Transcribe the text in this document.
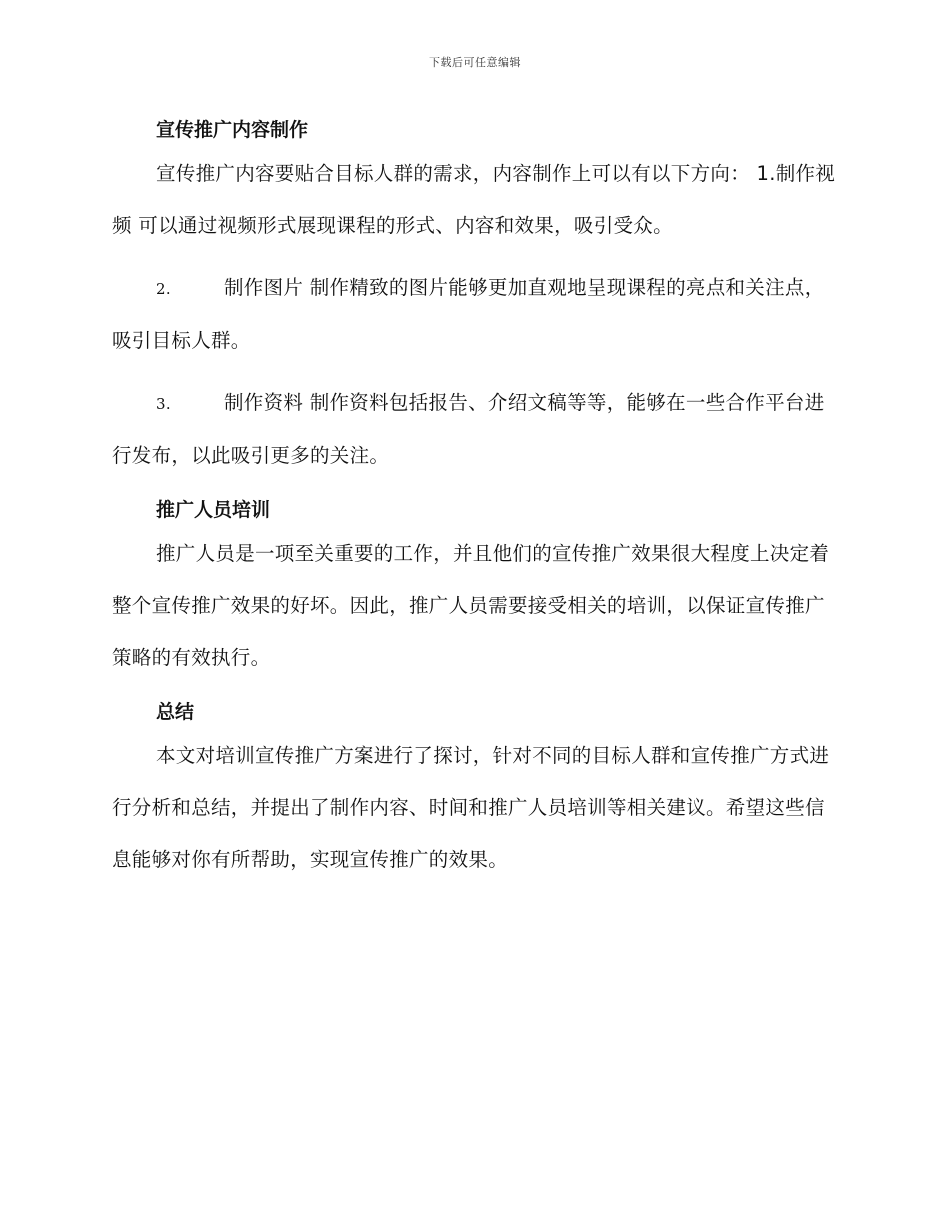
下载后可任意编辑
宣传推广内容制作

宣传推广内容要贴合目标人群的需求，内容制作上可以有以下方向： 1.制作视频 可以通过视频形式展现课程的形式、内容和效果，吸引受众。

2.	制作图片 制作精致的图片能够更加直观地呈现课程的亮点和关注点，吸引目标人群。

3.	制作资料 制作资料包括报告、介绍文稿等等，能够在一些合作平台进行发布，以此吸引更多的关注。

推广人员培训

推广人员是一项至关重要的工作，并且他们的宣传推广效果很大程度上决定着整个宣传推广效果的好坏。因此，推广人员需要接受相关的培训，以保证宣传推广策略的有效执行。

总结

本文对培训宣传推广方案进行了探讨，针对不同的目标人群和宣传推广方式进行分析和总结，并提出了制作内容、时间和推广人员培训等相关建议。希望这些信息能够对你有所帮助，实现宣传推广的效果。
